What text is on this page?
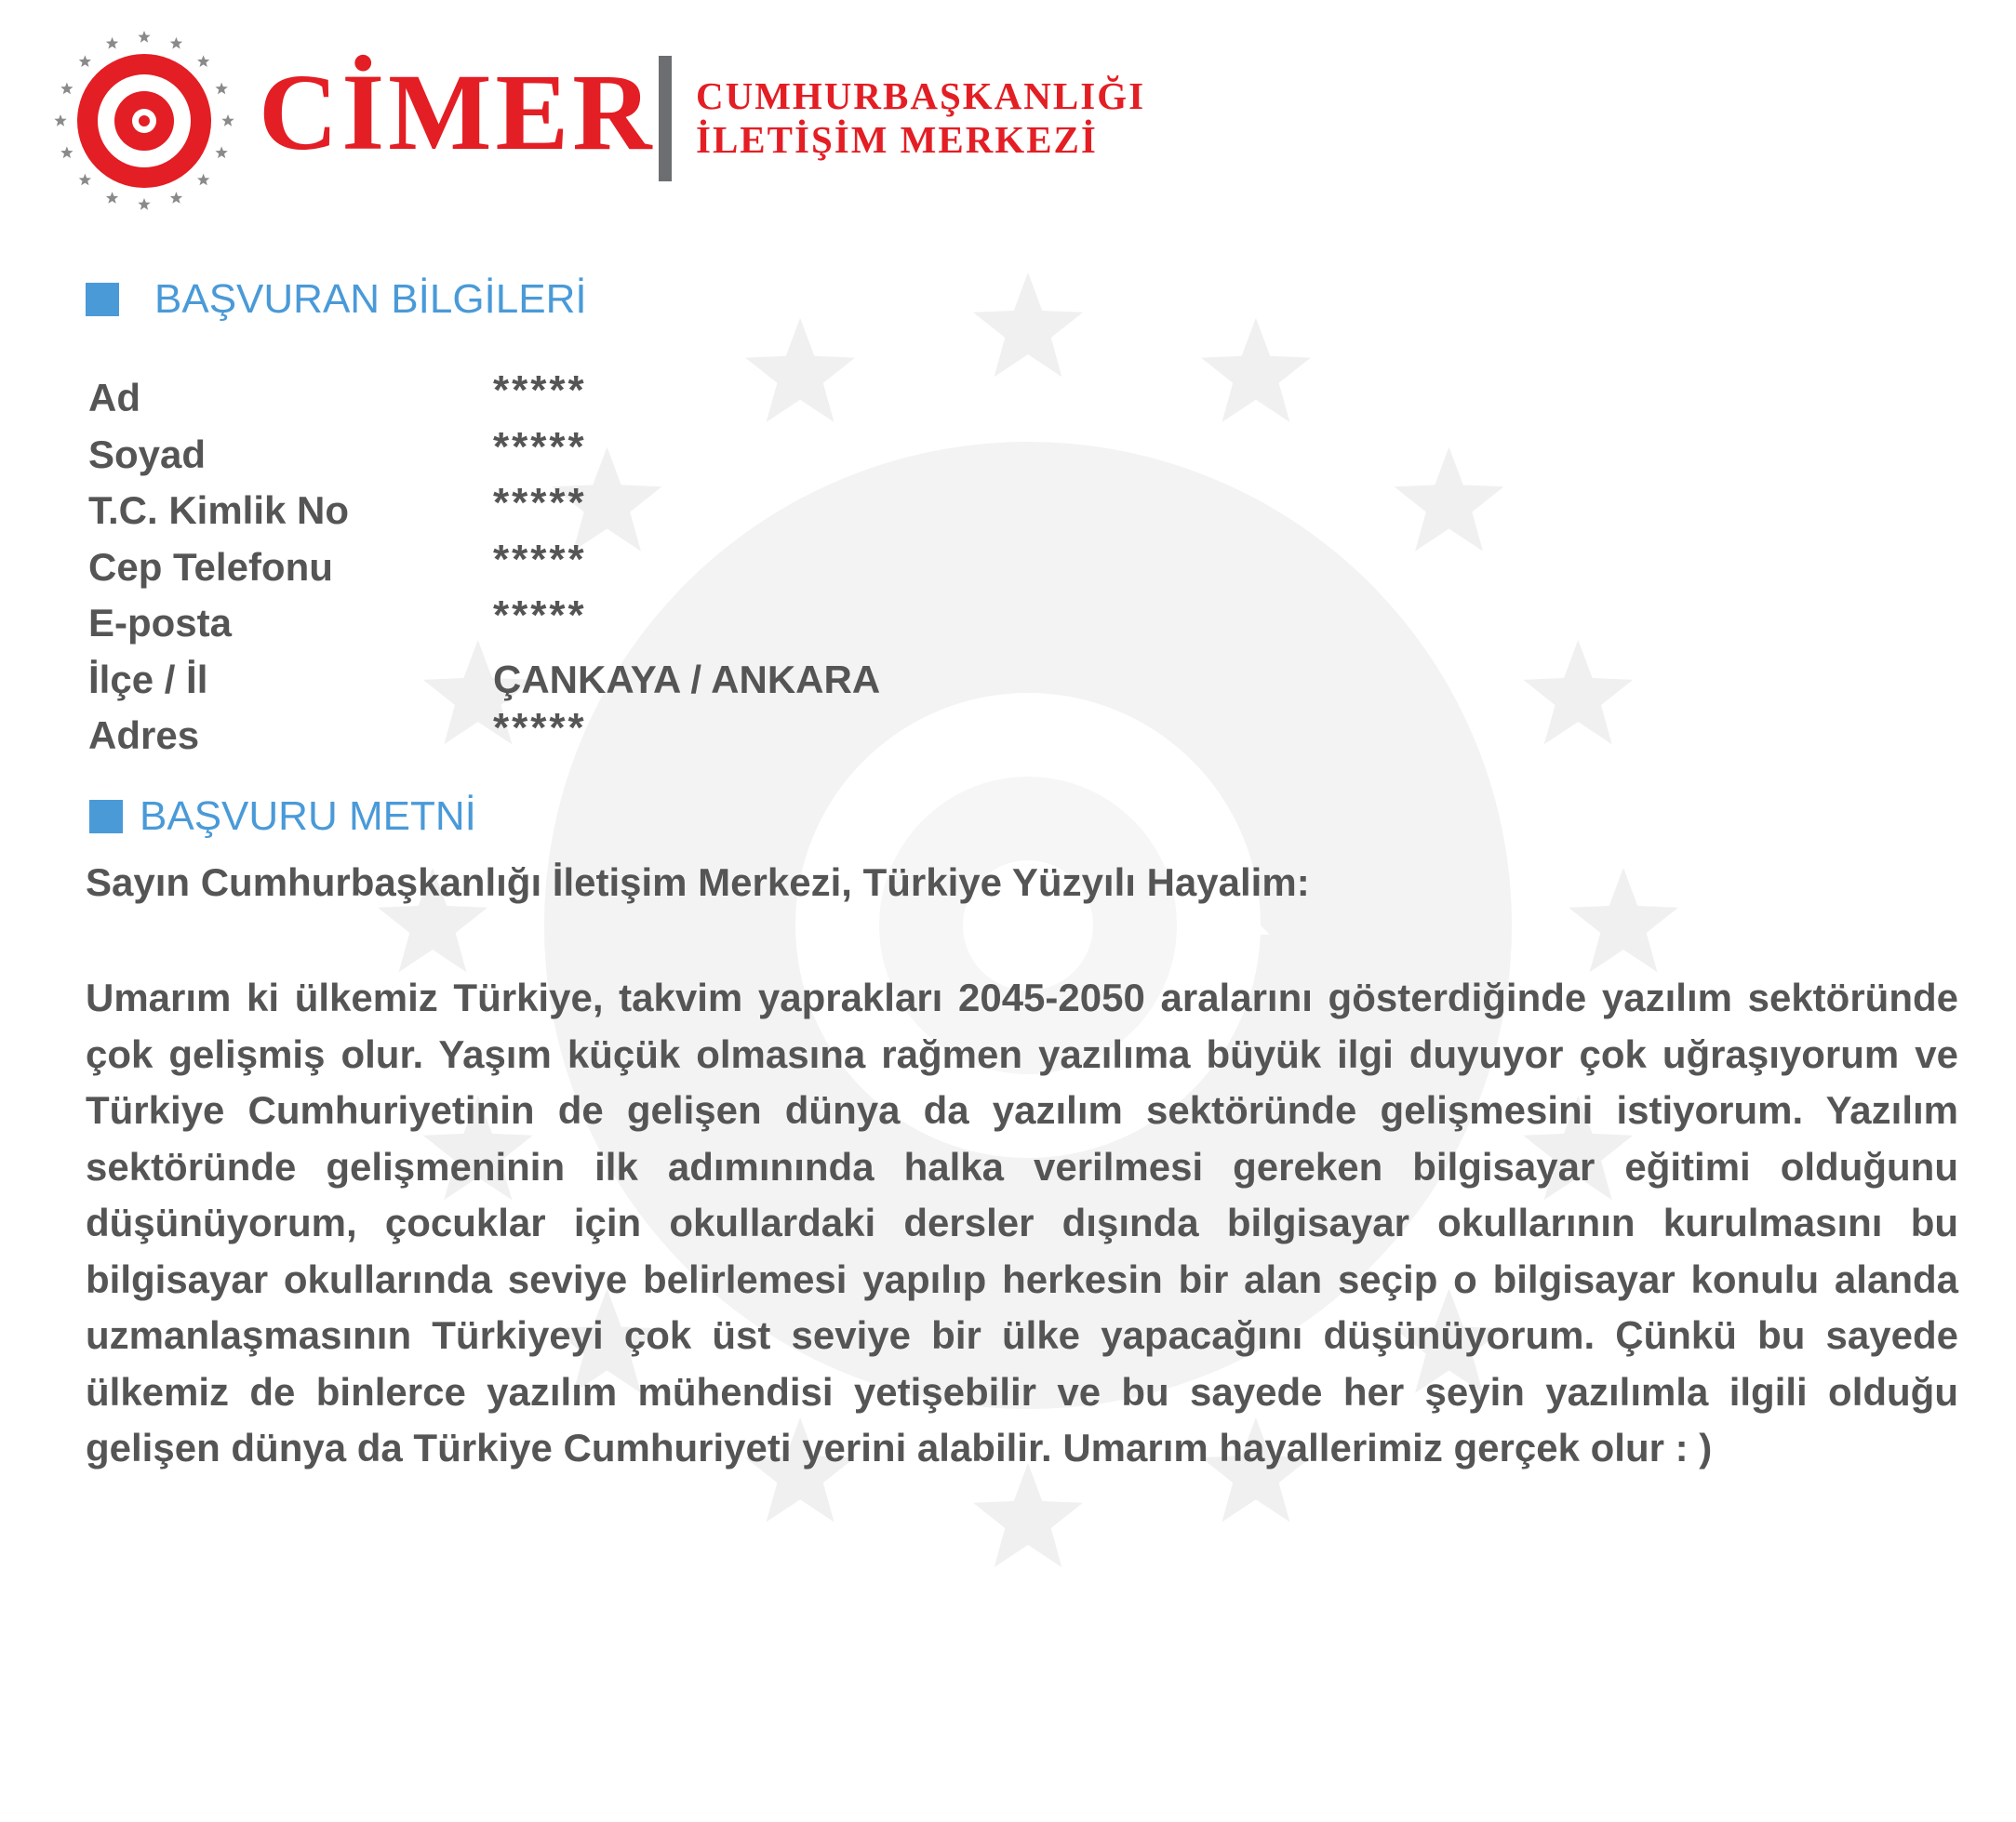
CİMER CUMHURBAŞKANLIĞI
İLETİŞİM MERKEZİ
BAŞVURAN BİLGİLERİ
Ad	*****
Soyad	*****
T.C. Kimlik No	*****
Cep Telefonu	*****
E-posta	*****
İlçe / İl	ÇANKAYA / ANKARA
Adres	*****
BAŞVURU METNİ
Sayın Cumhurbaşkanlığı İletişim Merkezi, Türkiye Yüzyılı Hayalim:
Umarım ki ülkemiz Türkiye, takvim yaprakları 2045-2050 aralarını gösterdiğinde yazılım sektöründe çok gelişmiş olur. Yaşım küçük olmasına rağmen yazılıma büyük ilgi duyuyor çok uğraşıyorum ve Türkiye Cumhuriyetinin de gelişen dünya da yazılım sektöründe gelişmesini istiyorum. Yazılım sektöründe gelişmeninin ilk adımınında halka verilmesi gereken bilgisayar eğitimi olduğunu düşünüyorum, çocuklar için okullardaki dersler dışında bilgisayar okullarının kurulmasını bu bilgisayar okullarında seviye belirlemesi yapılıp herkesin bir alan seçip o bilgisayar konulu alanda uzmanlaşmasının Türkiyeyi çok üst seviye bir ülke yapacağını düşünüyorum. Çünkü bu sayede ülkemiz de binlerce yazılım mühendisi yetişebilir ve bu sayede her şeyin yazılımla ilgili olduğu gelişen dünya da Türkiye Cumhuriyeti yerini alabilir. Umarım hayallerimiz gerçek olur : )
